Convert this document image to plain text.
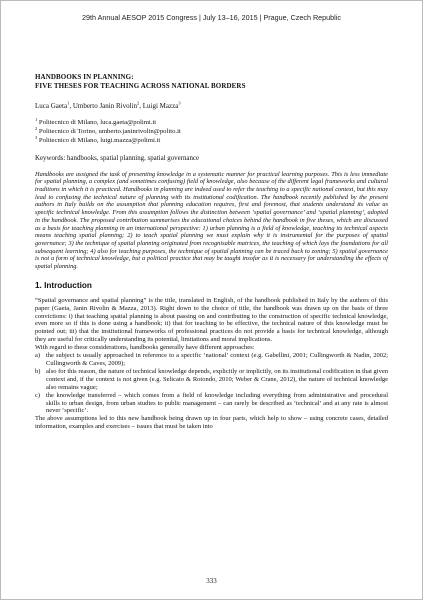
29th Annual AESOP 2015 Congress | July 13–16, 2015 | Prague, Czech Republic
HANDBOOKS IN PLANNING:
FIVE THESES FOR TEACHING ACROSS NATIONAL BORDERS
Luca Gaeta$^1$, Umberto Janin Rivolin$^2$, Luigi Mazza$^3$
$^1$ Politecnico di Milano, luca.gaeta@polimi.it
$^2$ Politecnico di Torino, umberto.janinrivolin@polito.it
$^3$ Politecnico di Milano, luigi.mazza@polimi.it
Keywords: handbooks, spatial planning, spatial governance
Handbooks are assigned the task of presenting knowledge in a systematic manner for practical learning purposes. This is less immediate for spatial planning, a complex (and sometimes confusing) field of knowledge, also because of the different legal frameworks and cultural traditions in which it is practiced. Handbooks in planning are indeed used to refer the teaching to a specific national context, but this may lead to confusing the technical nature of planning with its institutional codification. The handbook recently published by the present authors in Italy builds on the assumption that planning education requires, first and foremost, that students understand its value as specific technical knowledge. From this assumption follows the distinction between ‘spatial governance’ and ‘spatial planning’, adopted in the handbook. The proposed contribution summarises the educational choices behind the handbook in five theses, which are discussed as a basis for teaching planning in an international perspective: 1) urban planning is a field of knowledge, teaching its technical aspects means teaching spatial planning; 2) to teach spatial planning we must explain why it is instrumental for the purposes of spatial governance; 3) the technique of spatial planning originated from recognisable matrices, the teaching of which lays the foundations for all subsequent learning; 4) also for teaching purposes, the technique of spatial planning can be traced back to zoning; 5) spatial governance is not a form of technical knowledge, but a political practice that may be taught insofar as it is necessary for understanding the effects of spatial planning.
1. Introduction
“Spatial governance and spatial planning” is the title, translated in English, of the handbook published in Italy by the authors of this paper (Gaeta, Janin Rivolin & Mazza, 2013). Right down to the choice of title, the handbook was drawn up on the basis of three convictions: i) that teaching spatial planning is about passing on and contributing to the construction of specific technical knowledge, even more so if this is done using a handbook; ii) that for teaching to be effective, the technical nature of this knowledge must be pointed out; iii) that the institutional frameworks of professional practices do not provide a basis for technical knowledge, although they are useful for critically understanding its potential, limitations and moral implications.
With regard to these considerations, handbooks generally have different approaches:
a) the subject is usually approached in reference to a specific ‘national’ context (e.g. Gabellini, 2001; Cullingworth & Nadin, 2002; Cullingworth & Caves, 2009);
b) also for this reason, the nature of technical knowledge depends, explicitly or implicitly, on its institutional codification in that given context and, if the context is not given (e.g. Selicato & Rotondo, 2010; Weber & Crane, 2012), the nature of technical knowledge also remains vague;
c) the knowledge transferred – which comes from a field of knowledge including everything from administrative and procedural skills to urban design, from urban studies to public management – can rarely be described as ‘technical’ and at any rate is almost never ‘specific’.
The above assumptions led to this new handbook being drawn up in four parts, which help to show – using concrete cases, detailed information, examples and exercises – issues that must be taken into
333
